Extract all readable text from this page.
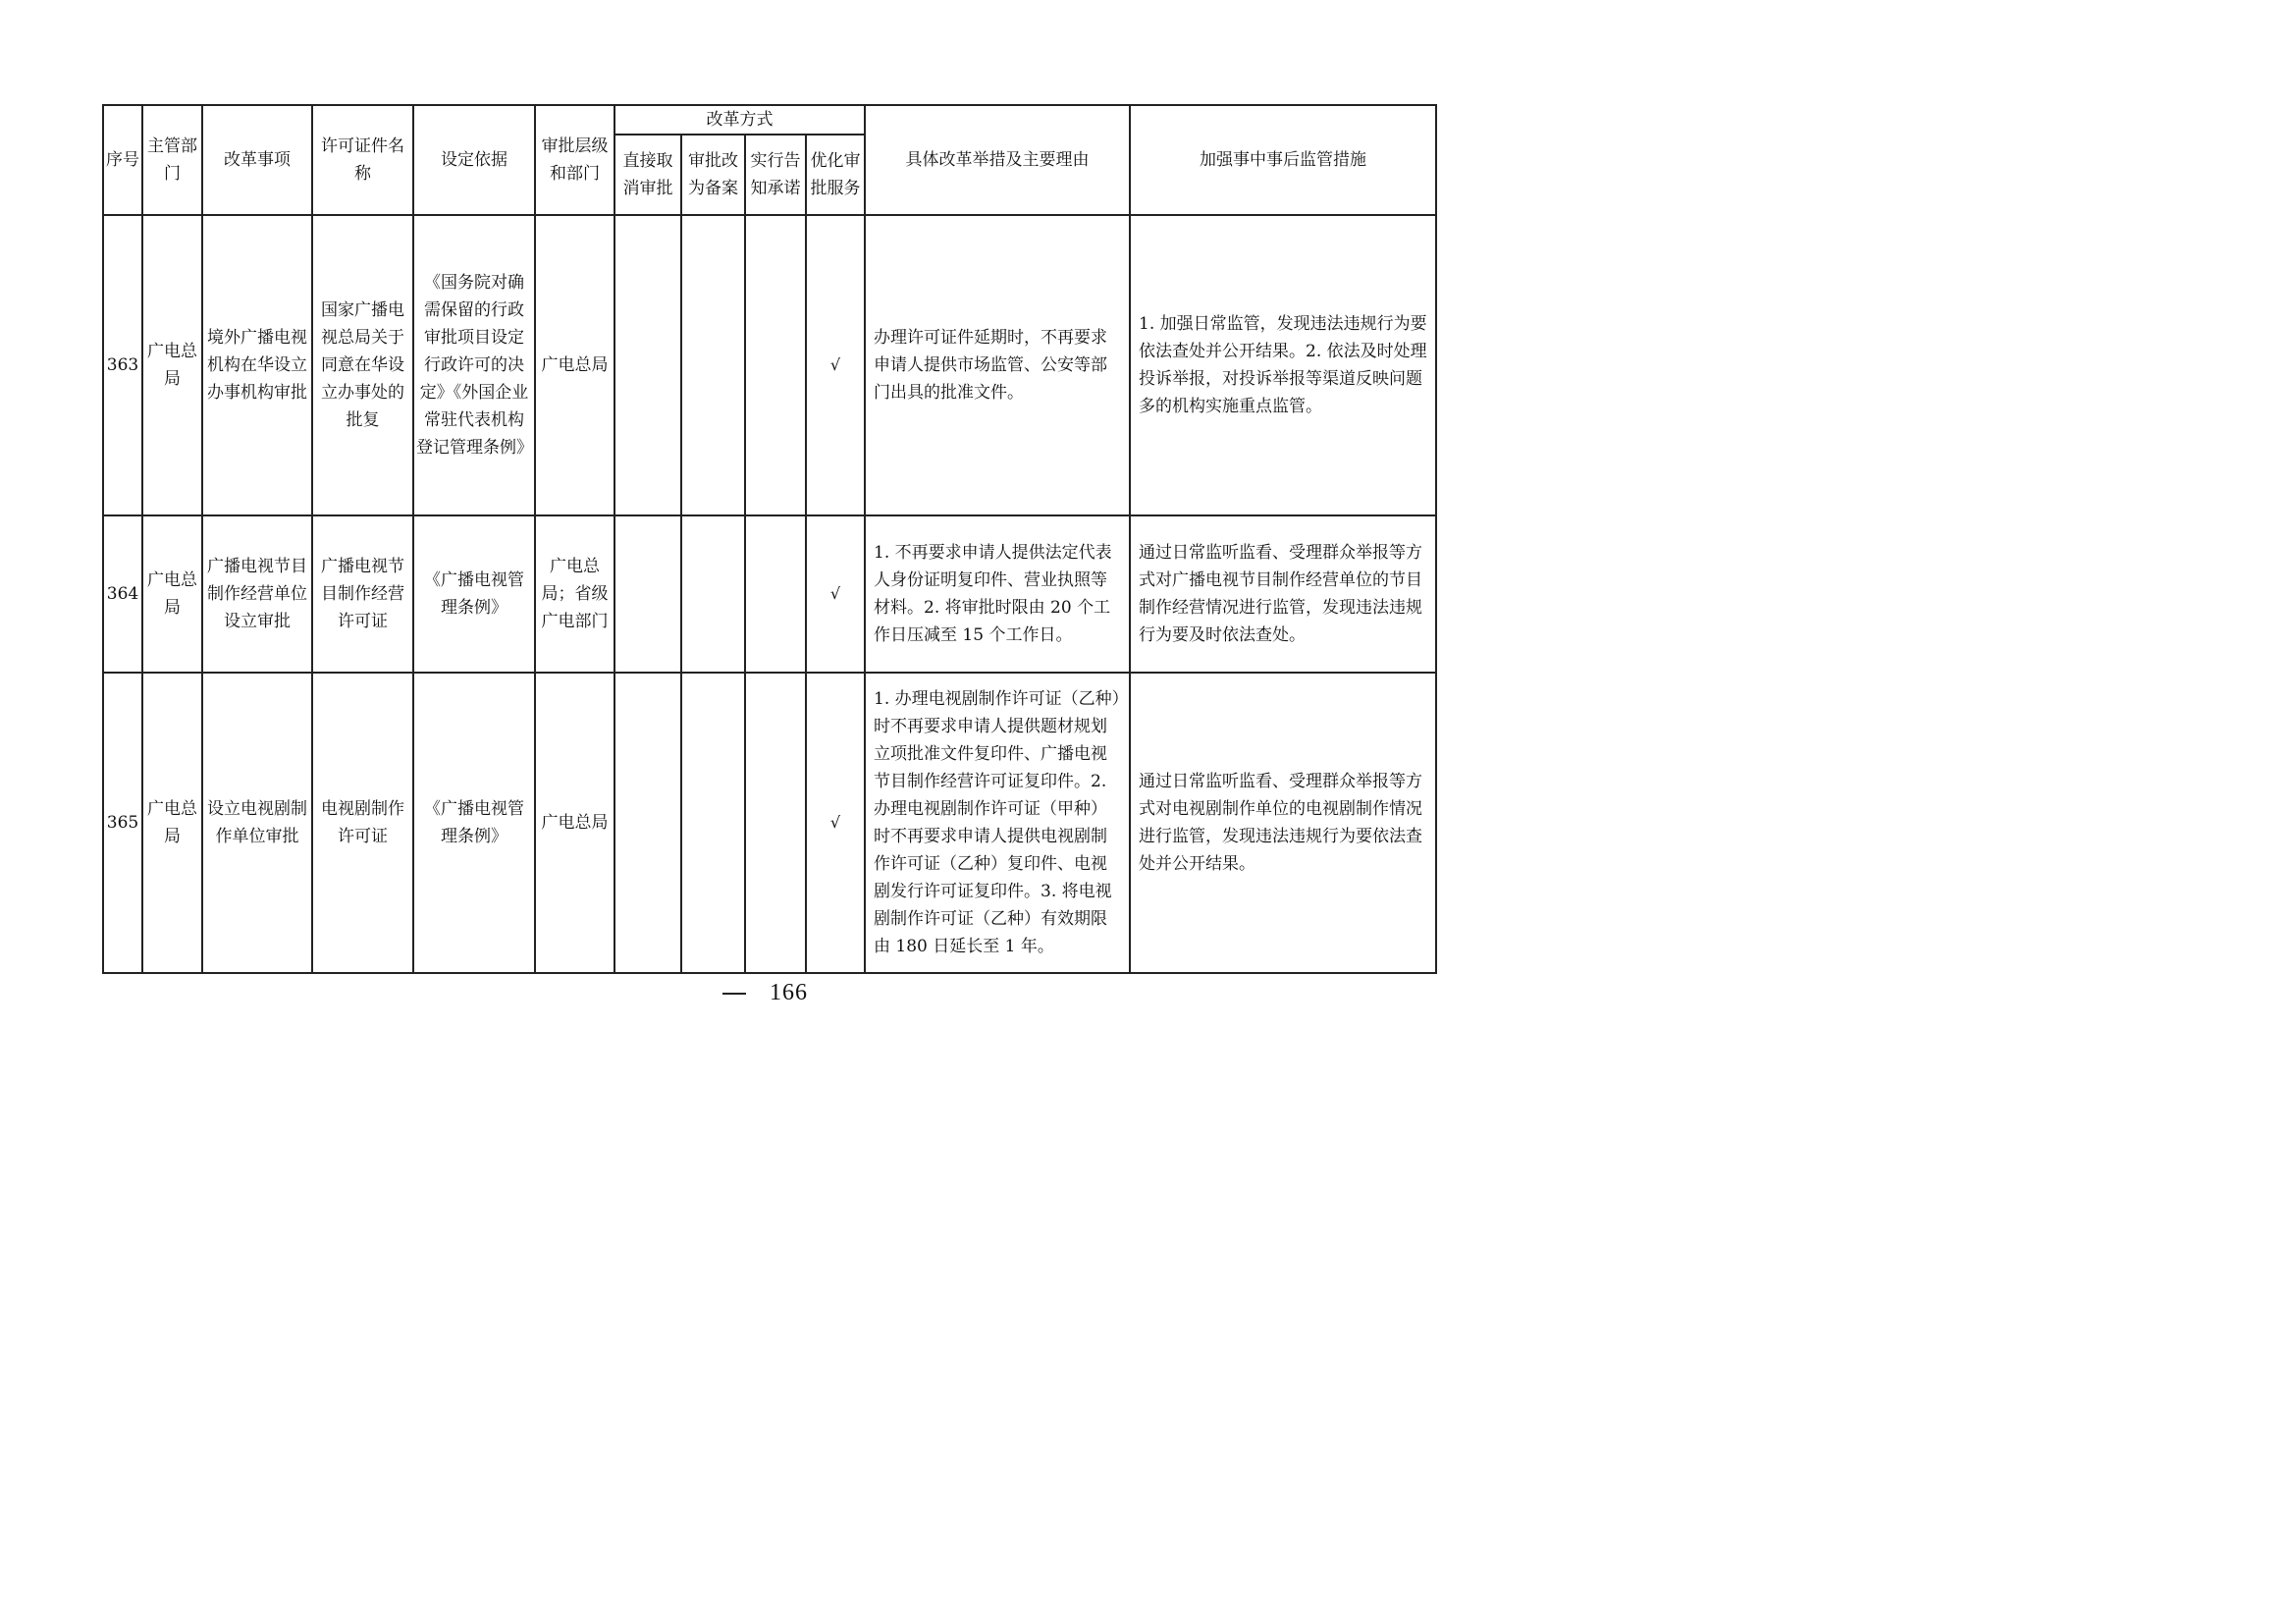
序号	主管部门	改革事项	许可证件名称	设定依据	审批层级和部门	改革方式				具体改革举措及主要理由	加强事中事后监管措施
						直接取消审批	审批改为备案	实行告知承诺	优化审批服务		
363	广电总局	境外广播电视机构在华设立办事机构审批	国家广播电视总局关于同意在华设立办事处的批复	《国务院对确需保留的行政审批项目设定行政许可的决定》《外国企业常驻代表机构登记管理条例》	广电总局				√	办理许可证件延期时，不再要求申请人提供市场监管、公安等部门出具的批准文件。	1. 加强日常监管，发现违法违规行为要依法查处并公开结果。2. 依法及时处理投诉举报，对投诉举报等渠道反映问题多的机构实施重点监管。
364	广电总局	广播电视节目制作经营单位设立审批	广播电视节目制作经营许可证	《广播电视管理条例》	广电总局；省级广电部门				√	1. 不再要求申请人提供法定代表人身份证明复印件、营业执照等材料。2. 将审批时限由 20 个工作日压减至 15 个工作日。	通过日常监听监看、受理群众举报等方式对广播电视节目制作经营单位的节目制作经营情况进行监管，发现违法违规行为要及时依法查处。
365	广电总局	设立电视剧制作单位审批	电视剧制作许可证	《广播电视管理条例》	广电总局				√	1. 办理电视剧制作许可证（乙种）时不再要求申请人提供题材规划立项批准文件复印件、广播电视节目制作经营许可证复印件。2. 办理电视剧制作许可证（甲种）时不再要求申请人提供电视剧制作许可证（乙种）复印件、电视剧发行许可证复印件。3. 将电视剧制作许可证（乙种）有效期限由 180 日延长至 1 年。	通过日常监听监看、受理群众举报等方式对电视剧制作单位的电视剧制作情况进行监管，发现违法违规行为要依法查处并公开结果。
166
